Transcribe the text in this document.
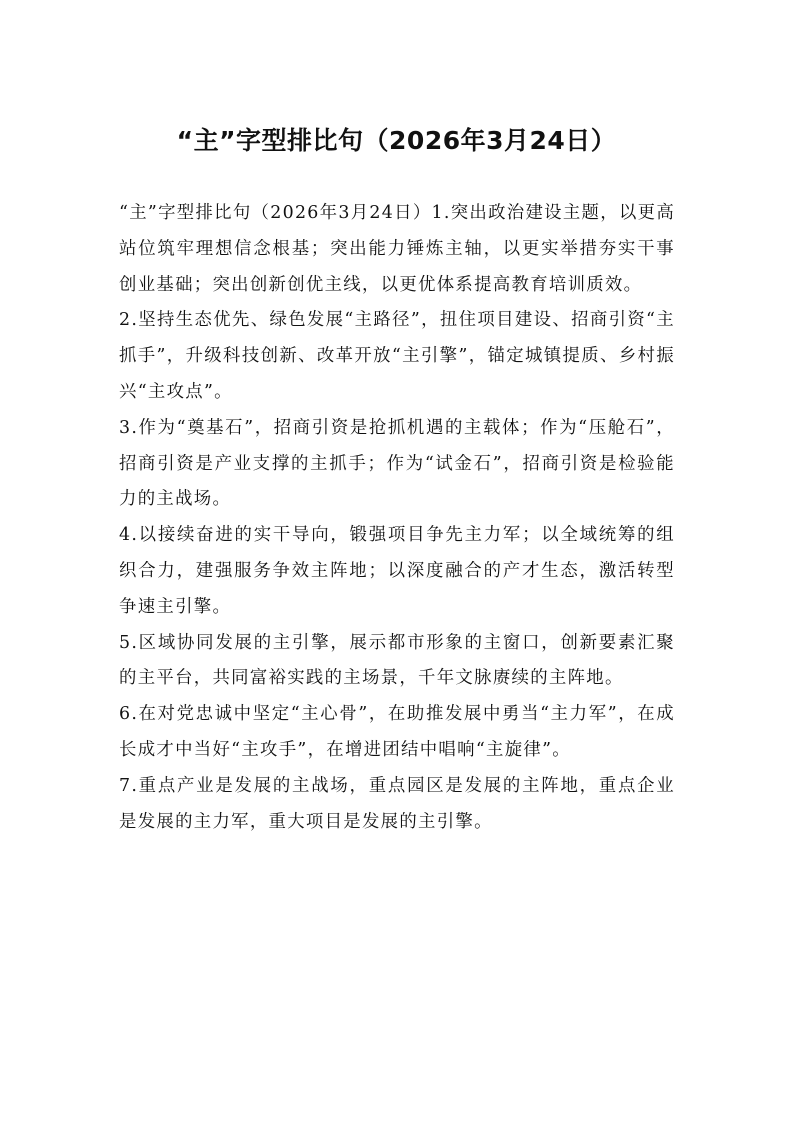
“主”字型排比句（2026年3月24日）

“主”字型排比句（2026年3月24日）1.突出政治建设主题，以更高站位筑牢理想信念根基；突出能力锤炼主轴，以更实举措夯实干事创业基础；突出创新创优主线，以更优体系提高教育培训质效。

2.坚持生态优先、绿色发展“主路径”，扭住项目建设、招商引资“主抓手”，升级科技创新、改革开放“主引擎”，锚定城镇提质、乡村振兴“主攻点”。

3.作为“奠基石”，招商引资是抢抓机遇的主载体；作为“压舱石”，招商引资是产业支撑的主抓手；作为“试金石”，招商引资是检验能力的主战场。

4.以接续奋进的实干导向，锻强项目争先主力军；以全域统筹的组织合力，建强服务争效主阵地；以深度融合的产才生态，激活转型争速主引擎。

5.区域协同发展的主引擎，展示都市形象的主窗口，创新要素汇聚的主平台，共同富裕实践的主场景，千年文脉赓续的主阵地。

6.在对党忠诚中坚定“主心骨”，在助推发展中勇当“主力军”，在成长成才中当好“主攻手”，在增进团结中唱响“主旋律”。

7.重点产业是发展的主战场，重点园区是发展的主阵地，重点企业是发展的主力军，重大项目是发展的主引擎。
